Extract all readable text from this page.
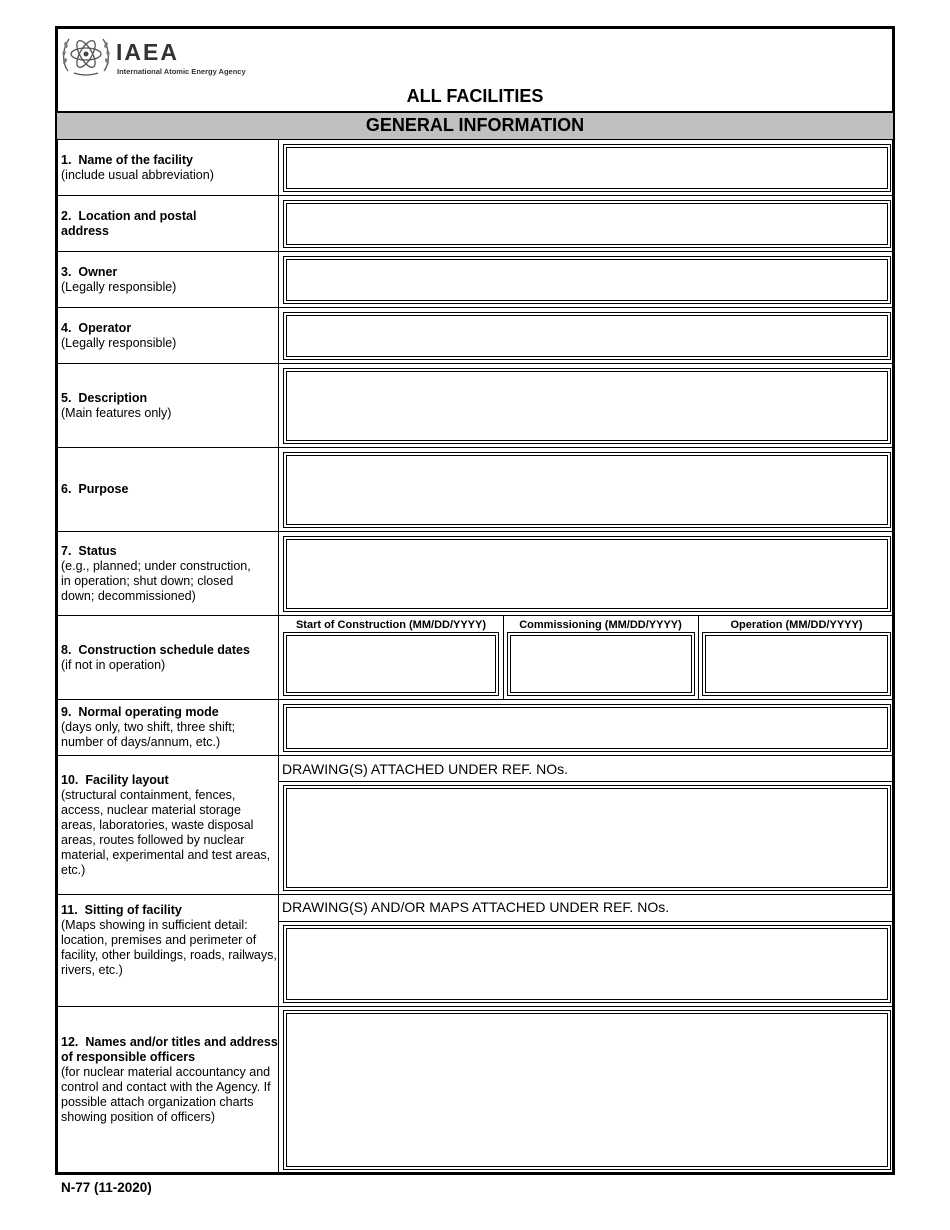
IAEA
International Atomic Energy Agency
ALL FACILITIES
GENERAL INFORMATION
1. Name of the facility
(include usual abbreviation)
2. Location and postal address
3. Owner
(Legally responsible)
4. Operator
(Legally responsible)
5. Description
(Main features only)
6. Purpose
7. Status
(e.g., planned; under construction, in operation; shut down; closed down; decommissioned)
8. Construction schedule dates
(if not in operation)
Start of Construction (MM/DD/YYYY)	Commissioning (MM/DD/YYYY)	Operation (MM/DD/YYYY)
9. Normal operating mode
(days only, two shift, three shift; number of days/annum, etc.)
10. Facility layout
(structural containment, fences, access, nuclear material storage areas, laboratories, waste disposal areas, routes followed by nuclear material, experimental and test areas, etc.)
DRAWING(S) ATTACHED UNDER REF. NOs.
11. Sitting of facility
(Maps showing in sufficient detail: location, premises and perimeter of facility, other buildings, roads, railways, rivers, etc.)
DRAWING(S) AND/OR MAPS ATTACHED UNDER REF. NOs.
12. Names and/or titles and address of responsible officers
(for nuclear material accountancy and control and contact with the Agency. If possible attach organization charts showing position of officers)
N-77 (11-2020)
